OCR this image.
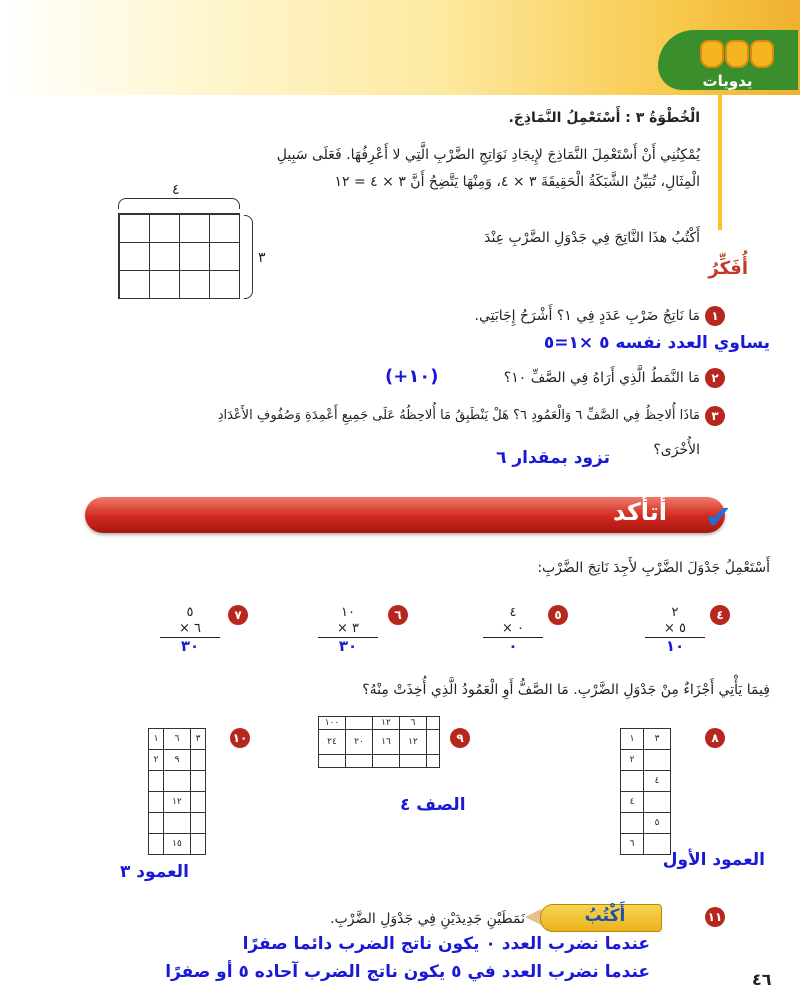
يدويات
الْخُطْوَةُ ٣ : أَسْتَعْمِلُ النَّمَاذِجَ.
يُمْكِنُنِي أَنْ أَسْتَعْمِلَ النَّمَاذِجَ لإِيجَادِ نَوَاتِجِ الضَّرْبِ الَّتِي لا أَعْرِفُهَا. فَعَلَى سَبِيلِ
الْمِثَالِ، تُبَيِّنُ الشَّبَكَةُ الْحَقِيقَةَ ٣ × ٤، وَمِنْهَا يَتَّضِحُ أَنَّ ٣ × ٤ = ١٢
أَكْتُبُ هذَا النَّاتِجَ فِي جَدْوَلِ الضَّرْبِ عِنْدَ
٤
٣	أُفَكِّرُ
١
مَا نَاتِجُ ضَرْبِ عَدَدٍ فِي ١؟ أَشْرَحُ إِجَابَتِي.
يساوي العدد نفسه ٥ ×١=٥
٢
مَا النَّمَطُ الَّذِي أَرَاهُ فِي الصَّفِّ ١٠؟
(+١٠)
٣
مَاذَا أُلاحِظُ فِي الصَّفِّ ٦ وَالْعَمُودِ ٦؟ هَلْ يَنْطَبِقُ مَا أُلاحِظُهُ عَلَى جَمِيعِ أَعْمِدَةِ وَصُفُوفِ الأَعْدَادِ
الأُخْرَى؟
تزود بمقدار ٦
أتأكد	✔
أَسْتَعْمِلُ جَدْوَلَ الضَّرْبِ لأَجِدَ نَاتِجَ الضَّرْبِ:
٤
٢
٥ ×
١٠
٥
٤
٠ ×
٠
٦
١٠
٣ ×
٣٠
٧
٥
٦ ×
٣٠
فِيمَا يَأْتِي أَجْزَاءٌ مِنْ جَدْوَلِ الضَّرْبِ. مَا الصَّفُّ أَوِ الْعَمُودُ الَّذِي أُخِذَتْ مِنْهُ؟
٨
١	٣
٢	
	٤
٤	
	٥
٦	
العمود الأول
٩
١٠٠		١٢	٦	
٢٤	٢٠	١٦	١٢	

الصف ٤
١٠
١	٦	٣
٢	٩	

	١٢	

	١٥	
العمود ٣
١١
أَكْتُبُ
نَمَطَيْنِ جَدِيدَيْنِ فِي جَدْوَلِ الضَّرْبِ.
عندما نضرب العدد ٠ يكون ناتج الضرب دائما صفرًا
عندما نضرب العدد في ٥ يكون ناتج الضرب آحاده ٥ أو صفرًا	٤٦
